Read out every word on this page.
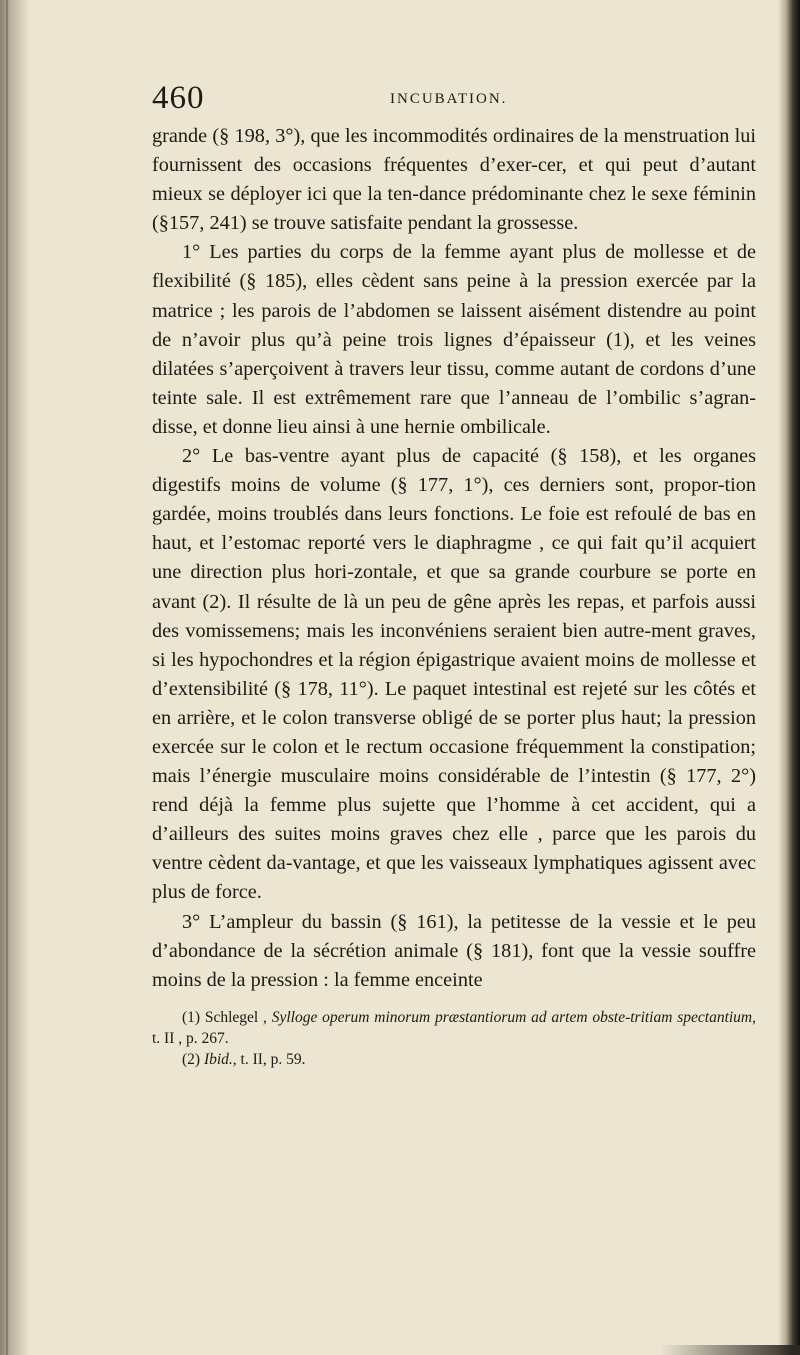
460	INCUBATION.

grande (§ 198, 3°), que les incommodités ordinaires de la menstruation lui fournissent des occasions fréquentes d’exer-cer, et qui peut d’autant mieux se déployer ici que la ten-dance prédominante chez le sexe féminin (§157, 241) se trouve satisfaite pendant la grossesse.

1° Les parties du corps de la femme ayant plus de mollesse et de flexibilité (§ 185), elles cèdent sans peine à la pression exercée par la matrice ; les parois de l’abdomen se laissent aisément distendre au point de n’avoir plus qu’à peine trois lignes d’épaisseur (1), et les veines dilatées s’aperçoivent à travers leur tissu, comme autant de cordons d’une teinte sale. Il est extrêmement rare que l’anneau de l’ombilic s’agran-disse, et donne lieu ainsi à une hernie ombilicale.

2° Le bas-ventre ayant plus de capacité (§ 158), et les organes digestifs moins de volume (§ 177, 1°), ces derniers sont, propor-tion gardée, moins troublés dans leurs fonctions. Le foie est refoulé de bas en haut, et l’estomac reporté vers le diaphragme , ce qui fait qu’il acquiert une direction plus hori-zontale, et que sa grande courbure se porte en avant (2). Il résulte de là un peu de gêne après les repas, et parfois aussi des vomissemens; mais les inconvéniens seraient bien autre-ment graves, si les hypochondres et la région épigastrique avaient moins de mollesse et d’extensibilité (§ 178, 11°). Le paquet intestinal est rejeté sur les côtés et en arrière, et le colon transverse obligé de se porter plus haut; la pression exercée sur le colon et le rectum occasione fréquemment la constipation; mais l’énergie musculaire moins considérable de l’intestin (§ 177, 2°) rend déjà la femme plus sujette que l’homme à cet accident, qui a d’ailleurs des suites moins graves chez elle , parce que les parois du ventre cèdent da-vantage, et que les vaisseaux lymphatiques agissent avec plus de force.

3° L’ampleur du bassin (§ 161), la petitesse de la vessie et le peu d’abondance de la sécrétion animale (§ 181), font que la vessie souffre moins de la pression : la femme enceinte

(1) Schlegel , Sylloge operum minorum præstantiorum ad artem obste-tritiam spectantium, t. II , p. 267.

(2) Ibid., t. II, p. 59.
